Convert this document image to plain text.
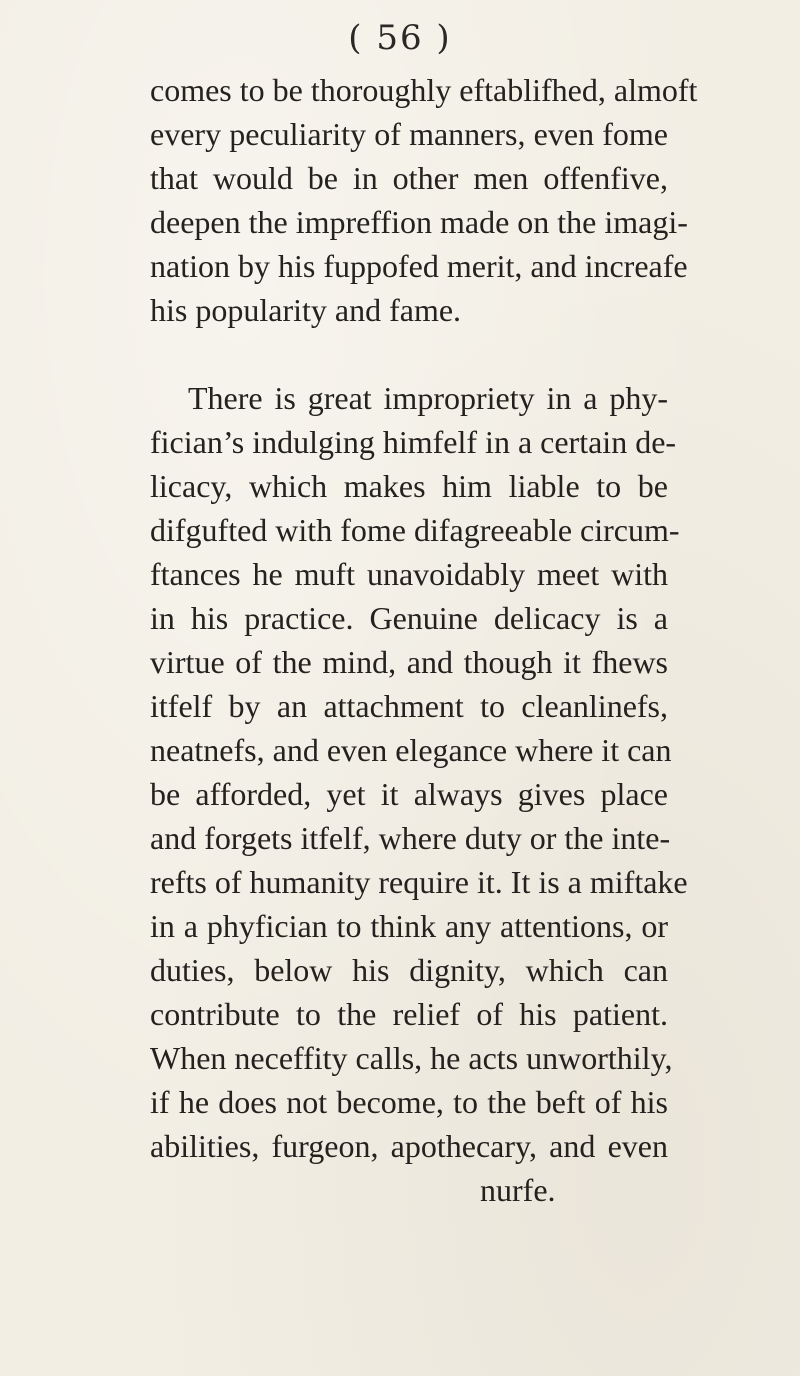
( 56 )
comes to be thoroughly eftablifhed, almoft
every peculiarity of manners, even fome
that would be in other men offenfive,
deepen the impreffion made on the imagi-
nation by his fuppofed merit, and increafe
his popularity and fame.
There is great impropriety in a phy-
fician’s indulging himfelf in a certain de-
licacy, which makes him liable to be
difgufted with fome difagreeable circum-
ftances he muft unavoidably meet with
in his practice. Genuine delicacy is a
virtue of the mind, and though it fhews
itfelf by an attachment to cleanlinefs,
neatnefs, and even elegance where it can
be afforded, yet it always gives place
and forgets itfelf, where duty or the inte-
refts of humanity require it. It is a miftake
in a phyfician to think any attentions, or
duties, below his dignity, which can
contribute to the relief of his patient.
When neceffity calls, he acts unworthily,
if he does not become, to the beft of his
abilities, furgeon, apothecary, and even
nurfe.
